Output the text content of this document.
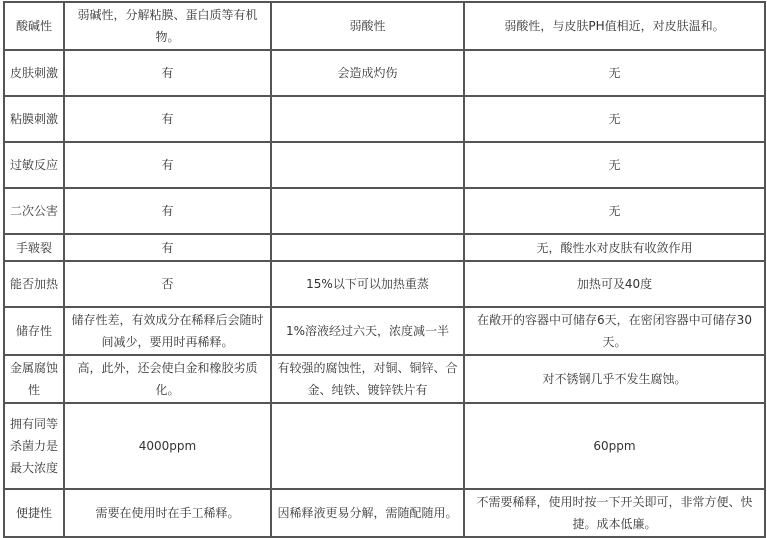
酸碱性	弱碱性，分解粘膜、蛋白质等有机物。	弱酸性	弱酸性，与皮肤PH值相近，对皮肤温和。
皮肤刺激	有	会造成灼伤	无
粘膜刺激	有		无
过敏反应	有		无
二次公害	有		无
手皲裂	有		无，酸性水对皮肤有收敛作用
能否加热	否	15%以下可以加热重蒸	加热可及40度
储存性	储存性差，有效成分在稀释后会随时间减少，要用时再稀释。	1%溶液经过六天，浓度减一半	在敞开的容器中可储存6天，在密闭容器中可储存30天。
金属腐蚀性	高，此外，还会使白金和橡胶劣质化。	有较强的腐蚀性，对铜、铜锌、合金、纯铁、镀锌铁片有	对不锈钢几乎不发生腐蚀。
拥有同等杀菌力是最大浓度	4000ppm		60ppm
便捷性	需要在使用时在手工稀释。	因稀释液更易分解，需随配随用。	不需要稀释，使用时按一下开关即可，非常方便、快捷。成本低廉。
